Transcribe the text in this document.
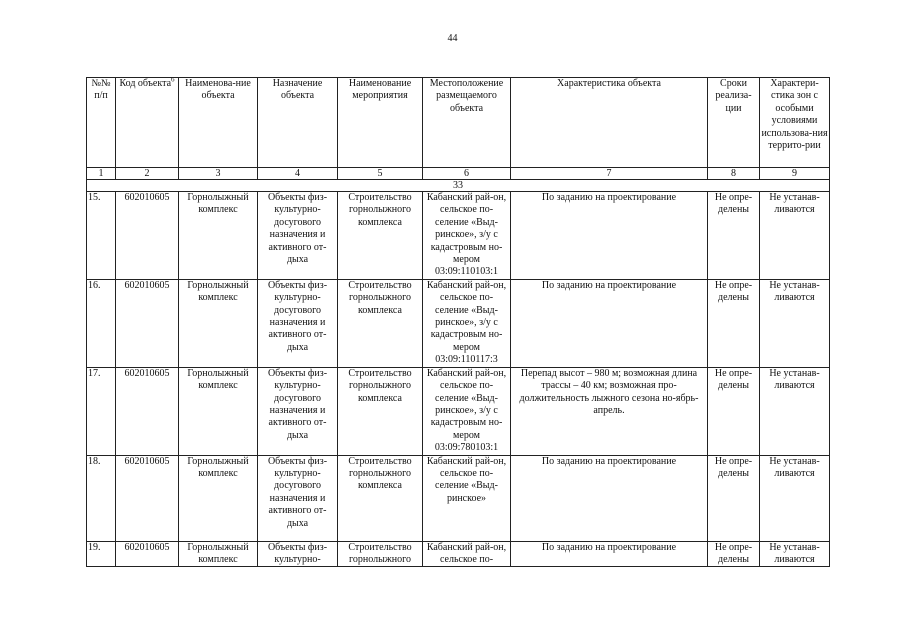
44
№№ п/п	Код объекта$^6$	Наименова-ние объекта	Назначение объекта	Наименование мероприятия	Местоположение размещаемого объекта	Характеристика объекта	Сроки реализа-ции	Характери-стика зон с особыми условиями использова-ния террито-рии
1	2	3	4	5	6	7	8	9
33								
15.	602010605	Горнолыжный комплекс	Объекты физ-культурно-досугового назначения и активного от-дыха	Строительство горнолыжного комплекса	Кабанский рай-он, сельское по-селение «Выд-ринское», з/у с кадастровым но-мером 03:09:110103:1	По заданию на проектирование	Не опре-делены	Не устанав-ливаются
16.	602010605	Горнолыжный комплекс	Объекты физ-культурно-досугового назначения и активного от-дыха	Строительство горнолыжного комплекса	Кабанский рай-он, сельское по-селение «Выд-ринское», з/у с кадастровым но-мером 03:09:110117:3	По заданию на проектирование	Не опре-делены	Не устанав-ливаются
17.	602010605	Горнолыжный комплекс	Объекты физ-культурно-досугового назначения и активного от-дыха	Строительство горнолыжного комплекса	Кабанский рай-он, сельское по-селение «Выд-ринское», з/у с кадастровым но-мером 03:09:780103:1	Перепад высот – 980 м; возможная длина трассы – 40 км; возможная про-должительность лыжного сезона но-ябрь-апрель.	Не опре-делены	Не устанав-ливаются
18.	602010605	Горнолыжный комплекс	Объекты физ-культурно-досугового назначения и активного от-дыха	Строительство горнолыжного комплекса	Кабанский рай-он, сельское по-селение «Выд-ринское»	По заданию на проектирование	Не опре-делены	Не устанав-ливаются
19.	602010605	Горнолыжный комплекс	Объекты физ-культурно-	Строительство горнолыжного	Кабанский рай-он, сельское по-	По заданию на проектирование	Не опре-делены	Не устанав-ливаются
